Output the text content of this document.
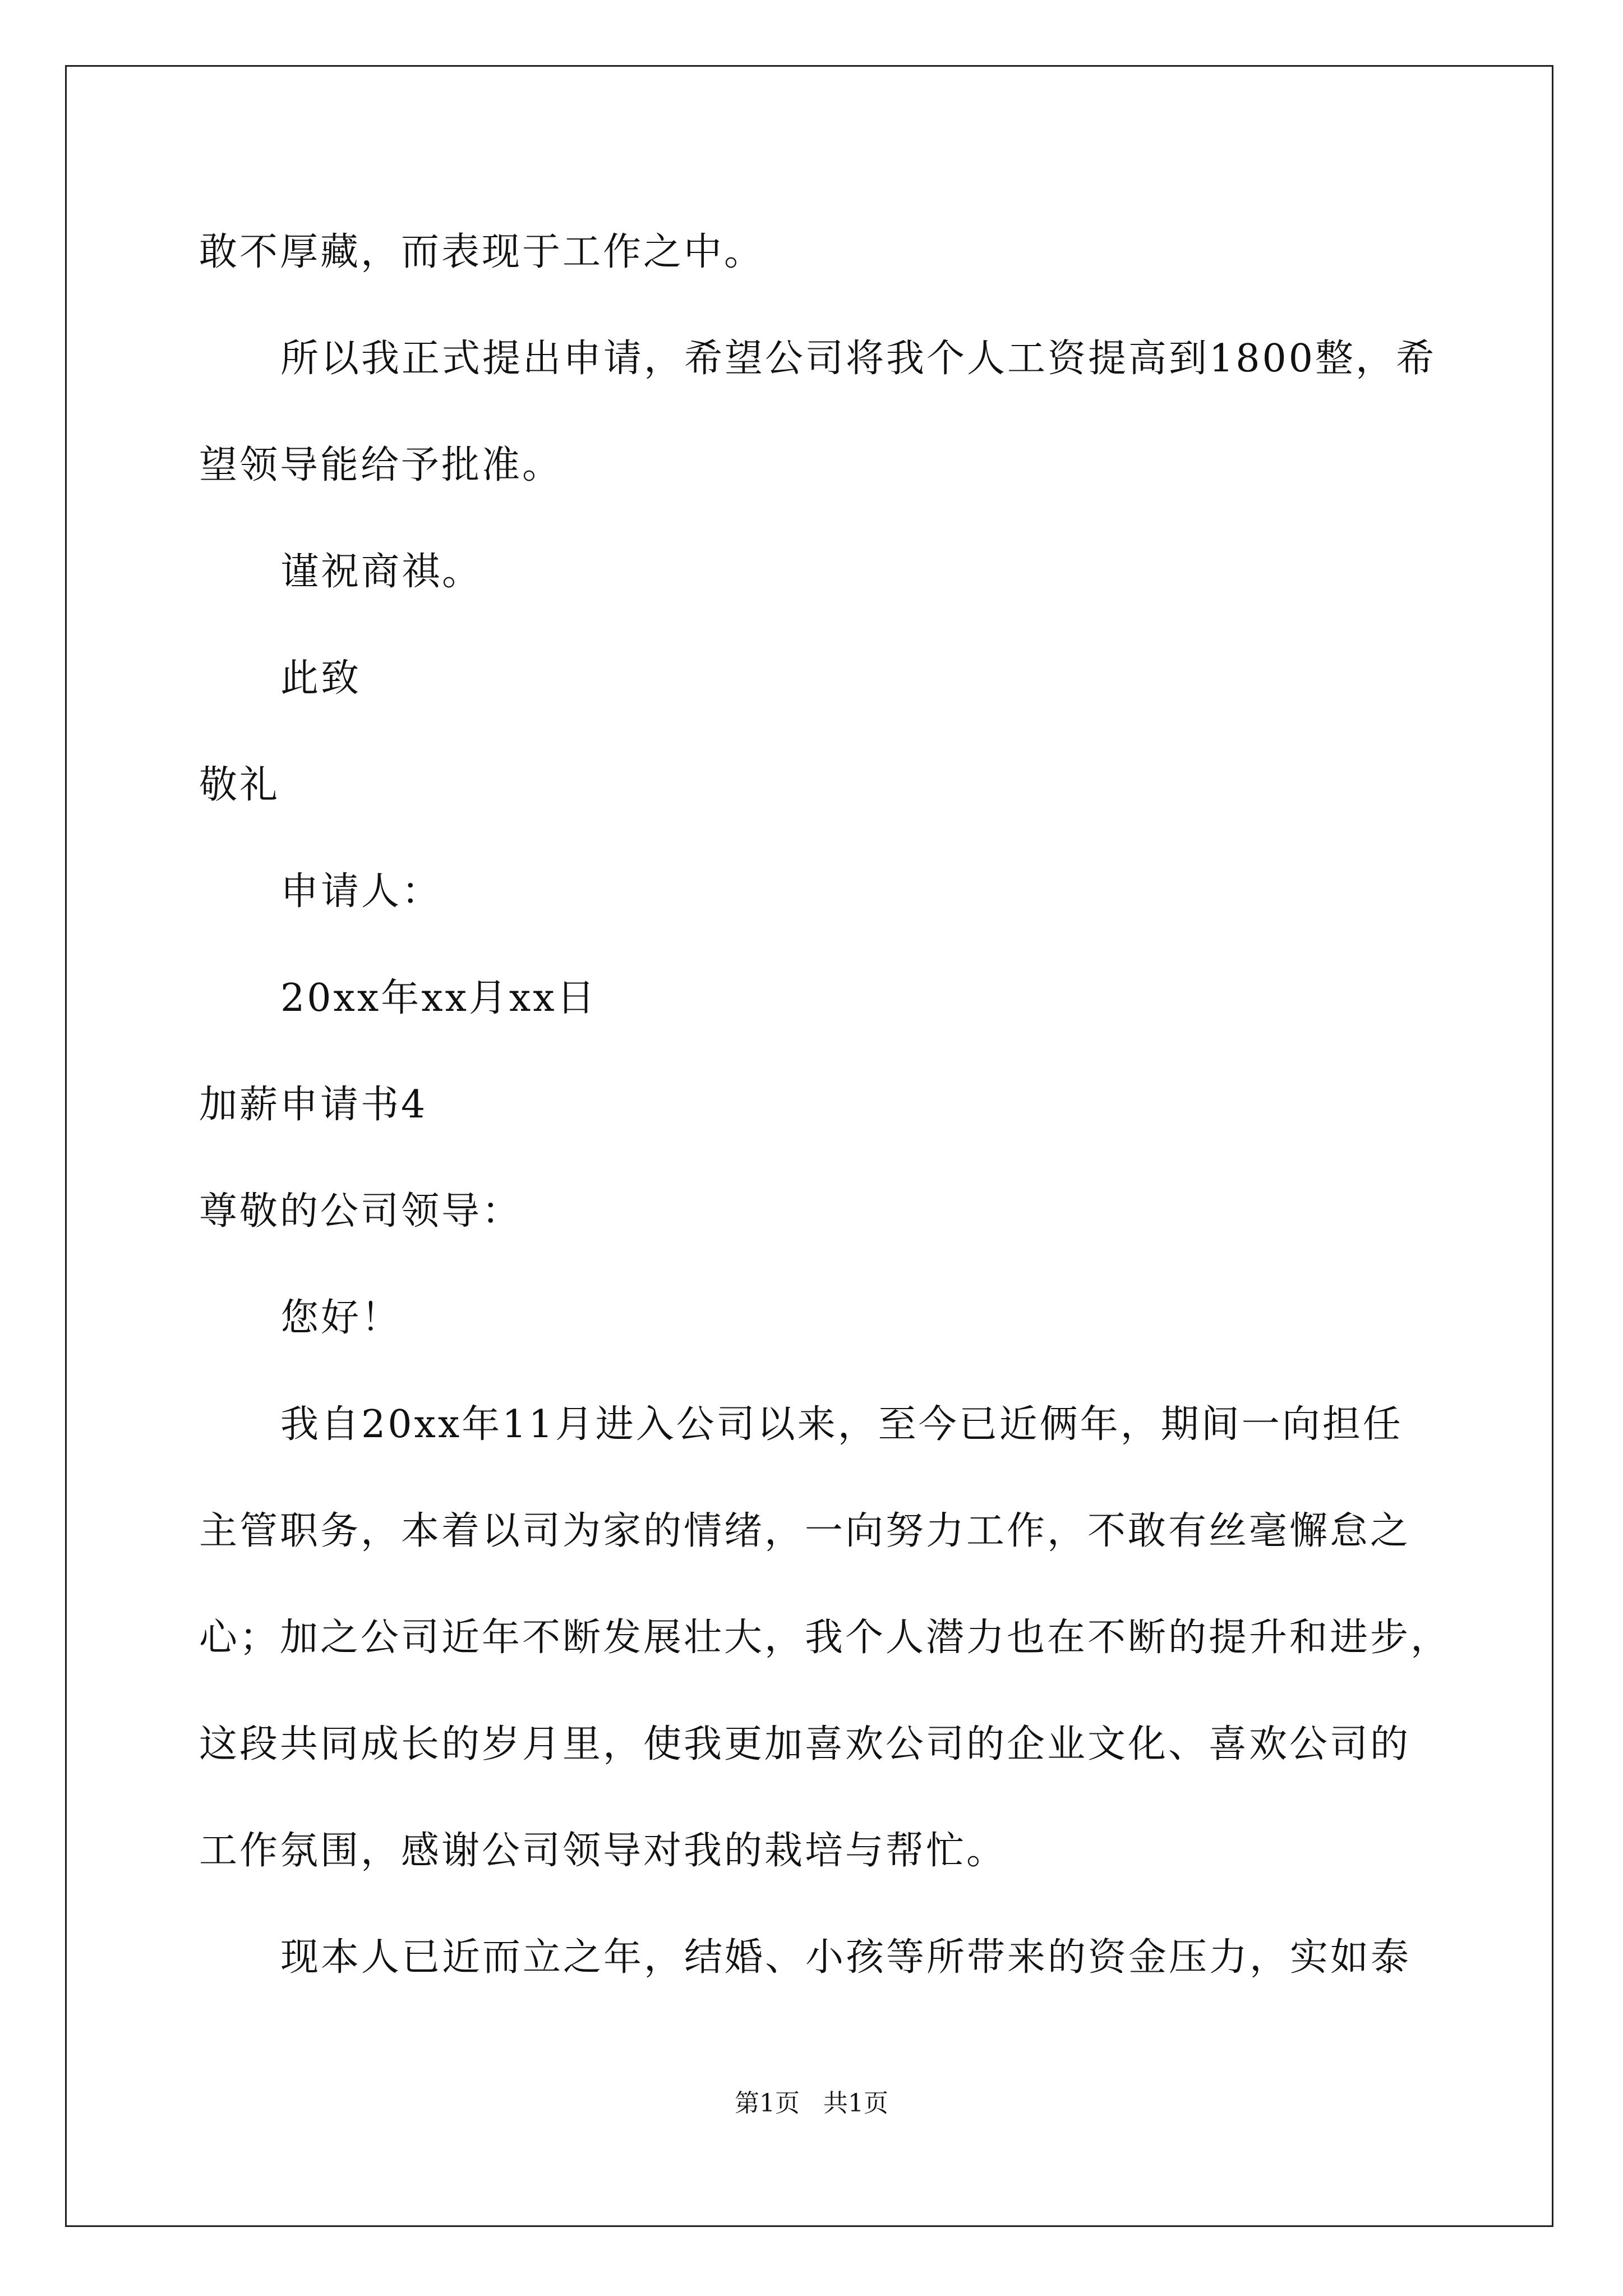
敢不厚藏，而表现于工作之中。
所以我正式提出申请，希望公司将我个人工资提高到1800整，希
望领导能给予批准。
谨祝商祺。
此致
敬礼
申请人：
20xx年xx月xx日
加薪申请书4
尊敬的公司领导：
您好！
我自20xx年11月进入公司以来，至今已近俩年，期间一向担任
主管职务，本着以司为家的情绪，一向努力工作，不敢有丝毫懈怠之
心；加之公司近年不断发展壮大，我个人潜力也在不断的提升和进步，
这段共同成长的岁月里，使我更加喜欢公司的企业文化、喜欢公司的
工作氛围，感谢公司领导对我的栽培与帮忙。
现本人已近而立之年，结婚、小孩等所带来的资金压力，实如泰
第1页   共1页
